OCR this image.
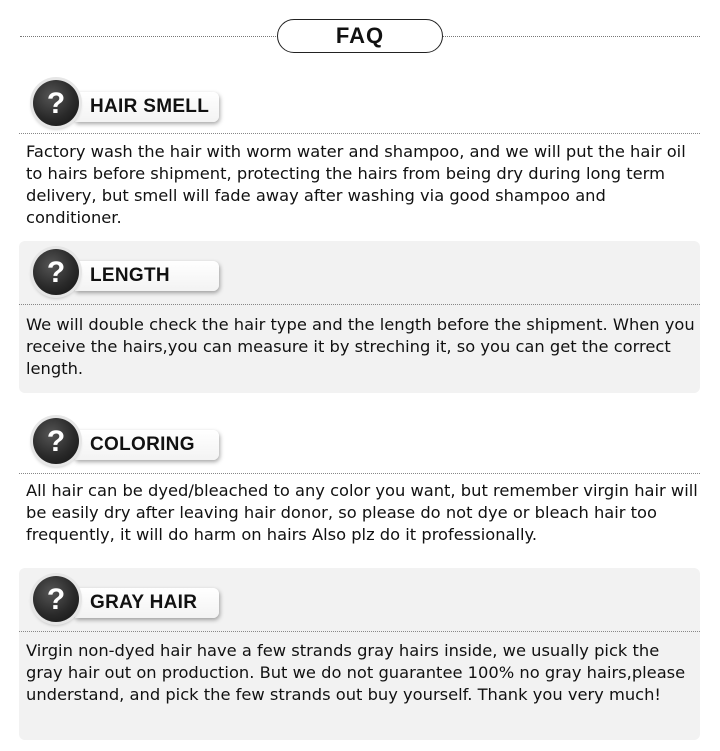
FAQ
? HAIR SMELL

Factory wash the hair with worm water and shampoo, and we will put the hair oil to hairs before shipment, protecting the hairs from being dry during long term delivery, but smell will fade away after washing via good shampoo and conditioner.

? LENGTH

We will double check the hair type and the length before the shipment. When you receive the hairs,you can measure it by streching it, so you can get the correct length.

? COLORING

All hair can be dyed/bleached to any color you want, but remember virgin hair will be easily dry after leaving hair donor, so please do not dye or bleach hair too frequently, it will do harm on hairs Also plz do it professionally.

? GRAY HAIR

Virgin non-dyed hair have a few strands gray hairs inside, we usually pick the gray hair out on production. But we do not guarantee 100% no gray hairs,please understand, and pick the few strands out buy yourself. Thank you very much!
